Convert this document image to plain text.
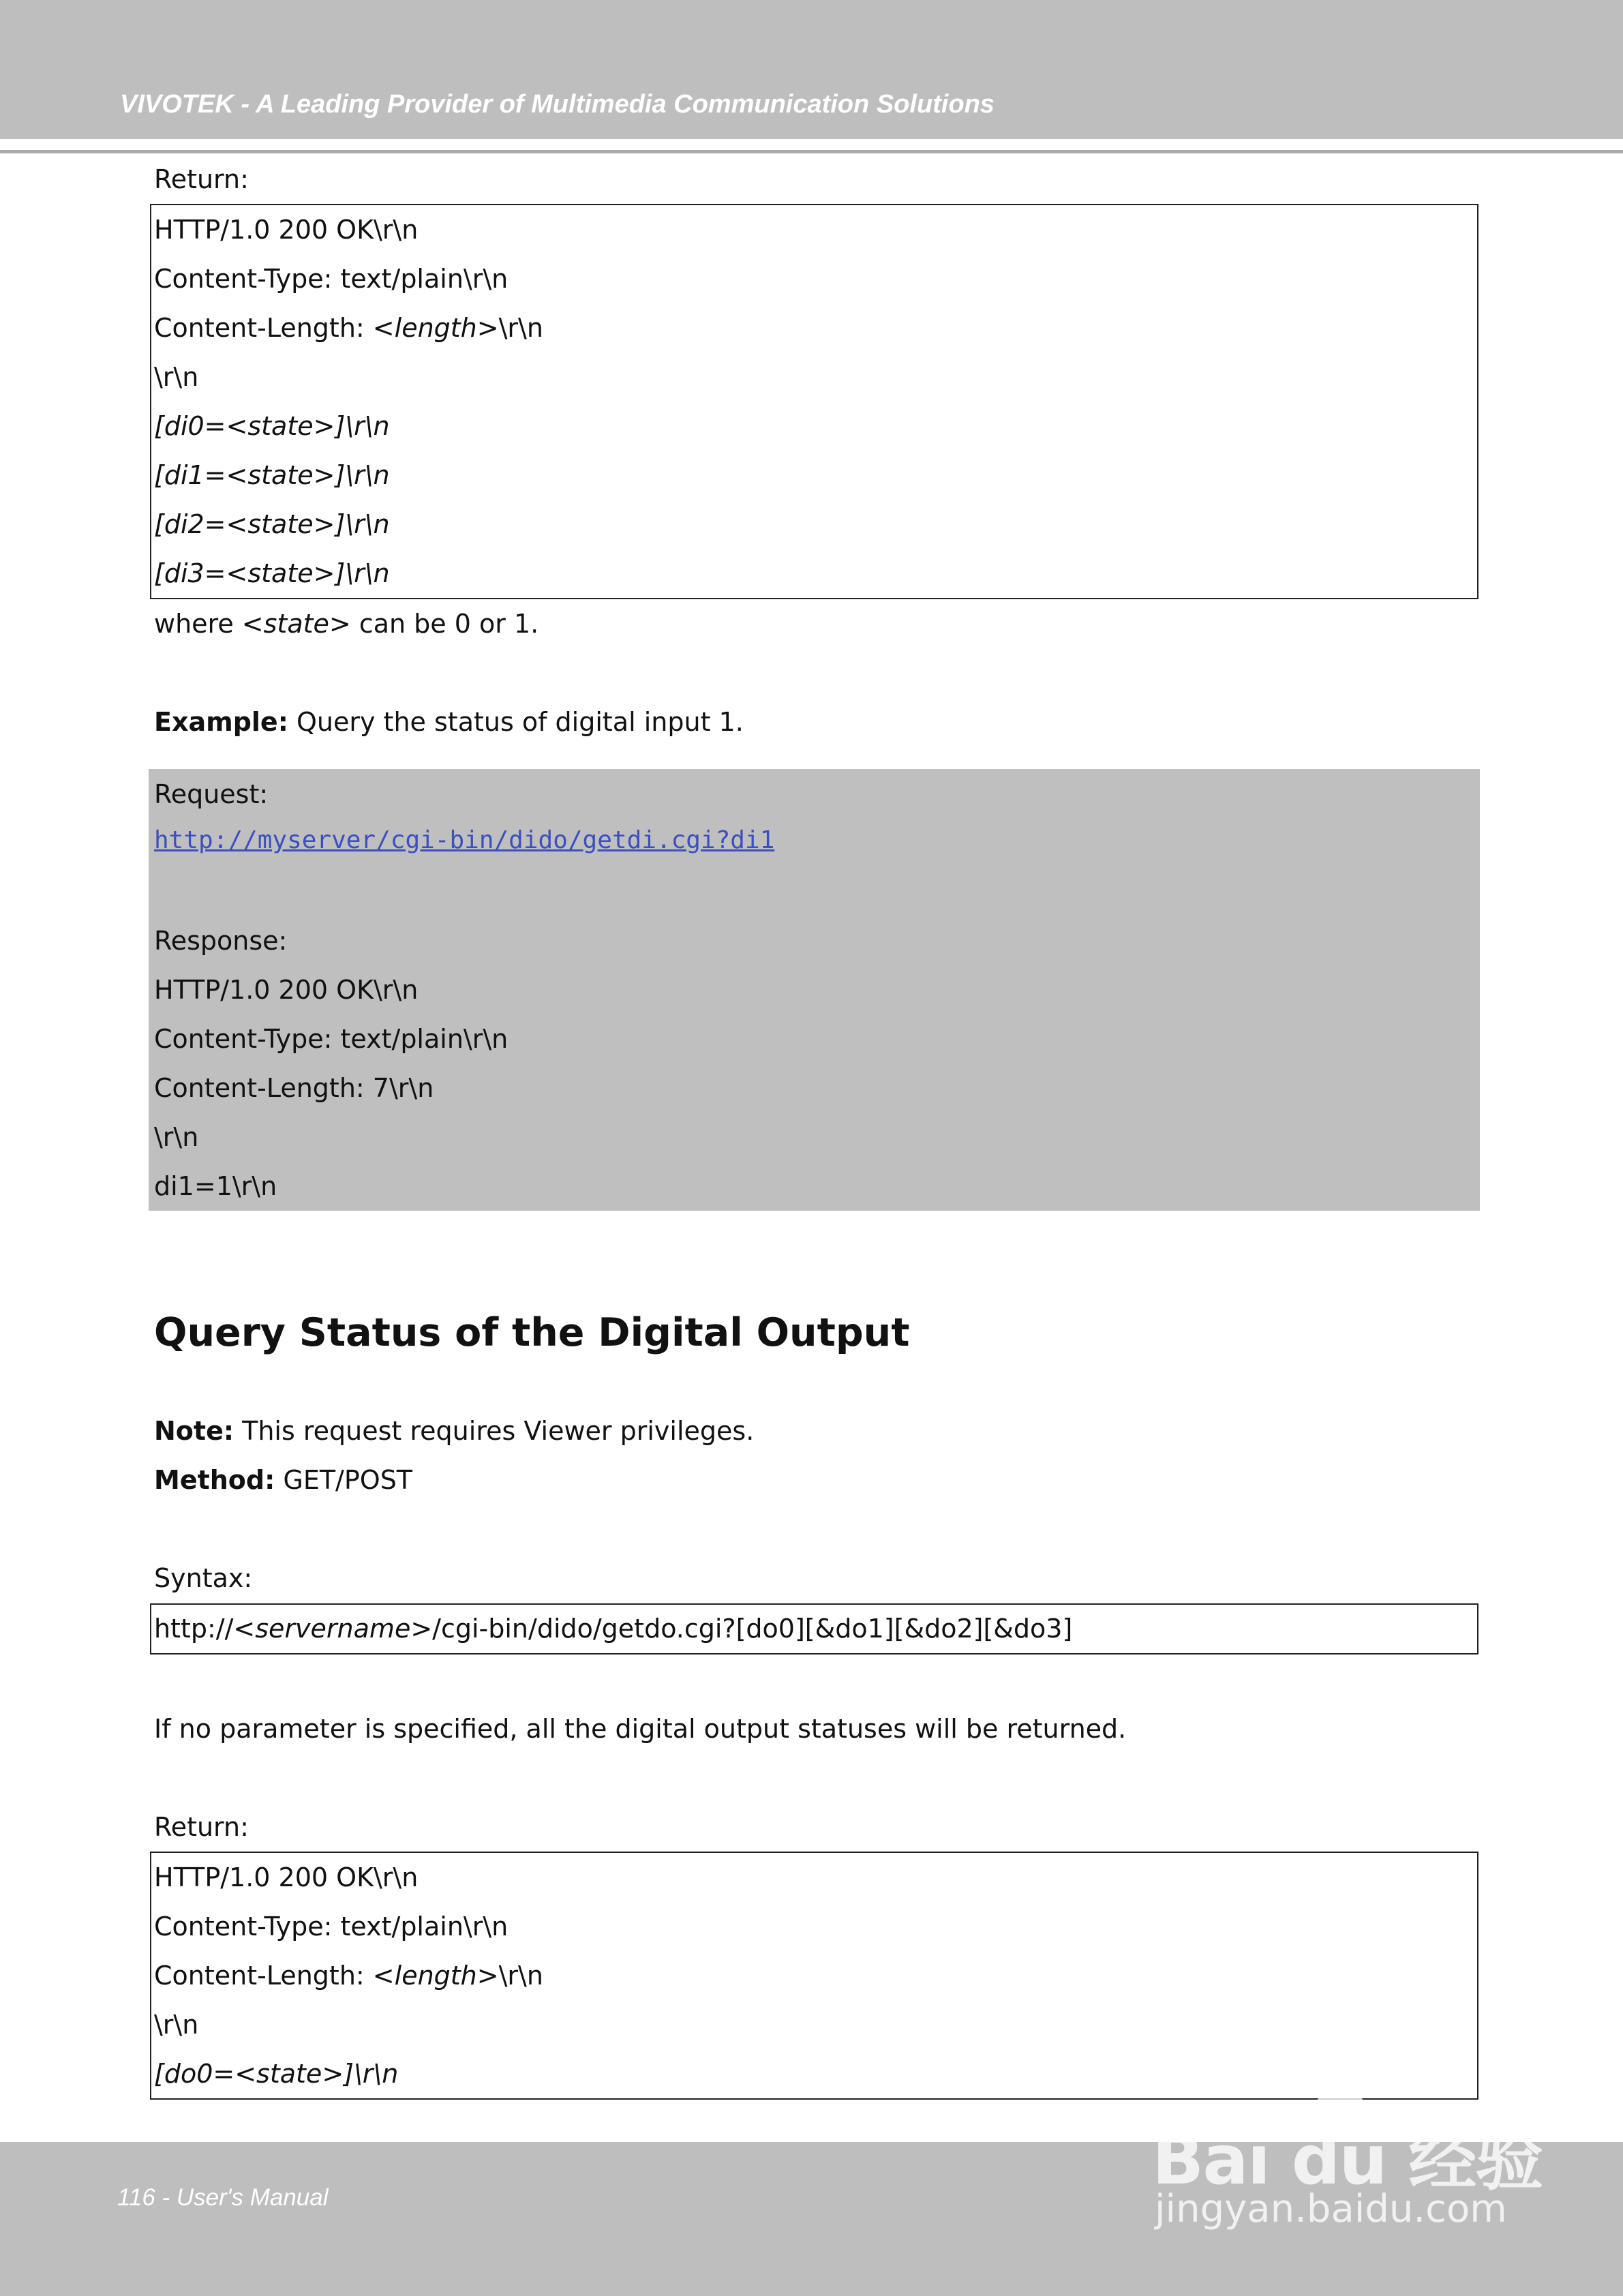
VIVOTEK - A Leading Provider of Multimedia Communication Solutions
Return:
HTTP/1.0 200 OK\r\n
Content-Type: text/plain\r\n
Content-Length: <length>\r\n
\r\n
[di0=<state>]\r\n
[di1=<state>]\r\n
[di2=<state>]\r\n
[di3=<state>]\r\n
where <state> can be 0 or 1.
Example: Query the status of digital input 1.
Request:
http://myserver/cgi-bin/dido/getdi.cgi?di1
Response:
HTTP/1.0 200 OK\r\n
Content-Type: text/plain\r\n
Content-Length: 7\r\n
\r\n
di1=1\r\n
Query Status of the Digital Output
Note: This request requires Viewer privileges.
Method: GET/POST
Syntax:
http://<servername>/cgi-bin/dido/getdo.cgi?[do0][&do1][&do2][&do3]
If no parameter is specified, all the digital output statuses will be returned.
Return:
HTTP/1.0 200 OK\r\n
Content-Type: text/plain\r\n
Content-Length: <length>\r\n
\r\n
[do0=<state>]\r\n
116 - User's Manual	Bai du 经验
jingyan.baidu.com
